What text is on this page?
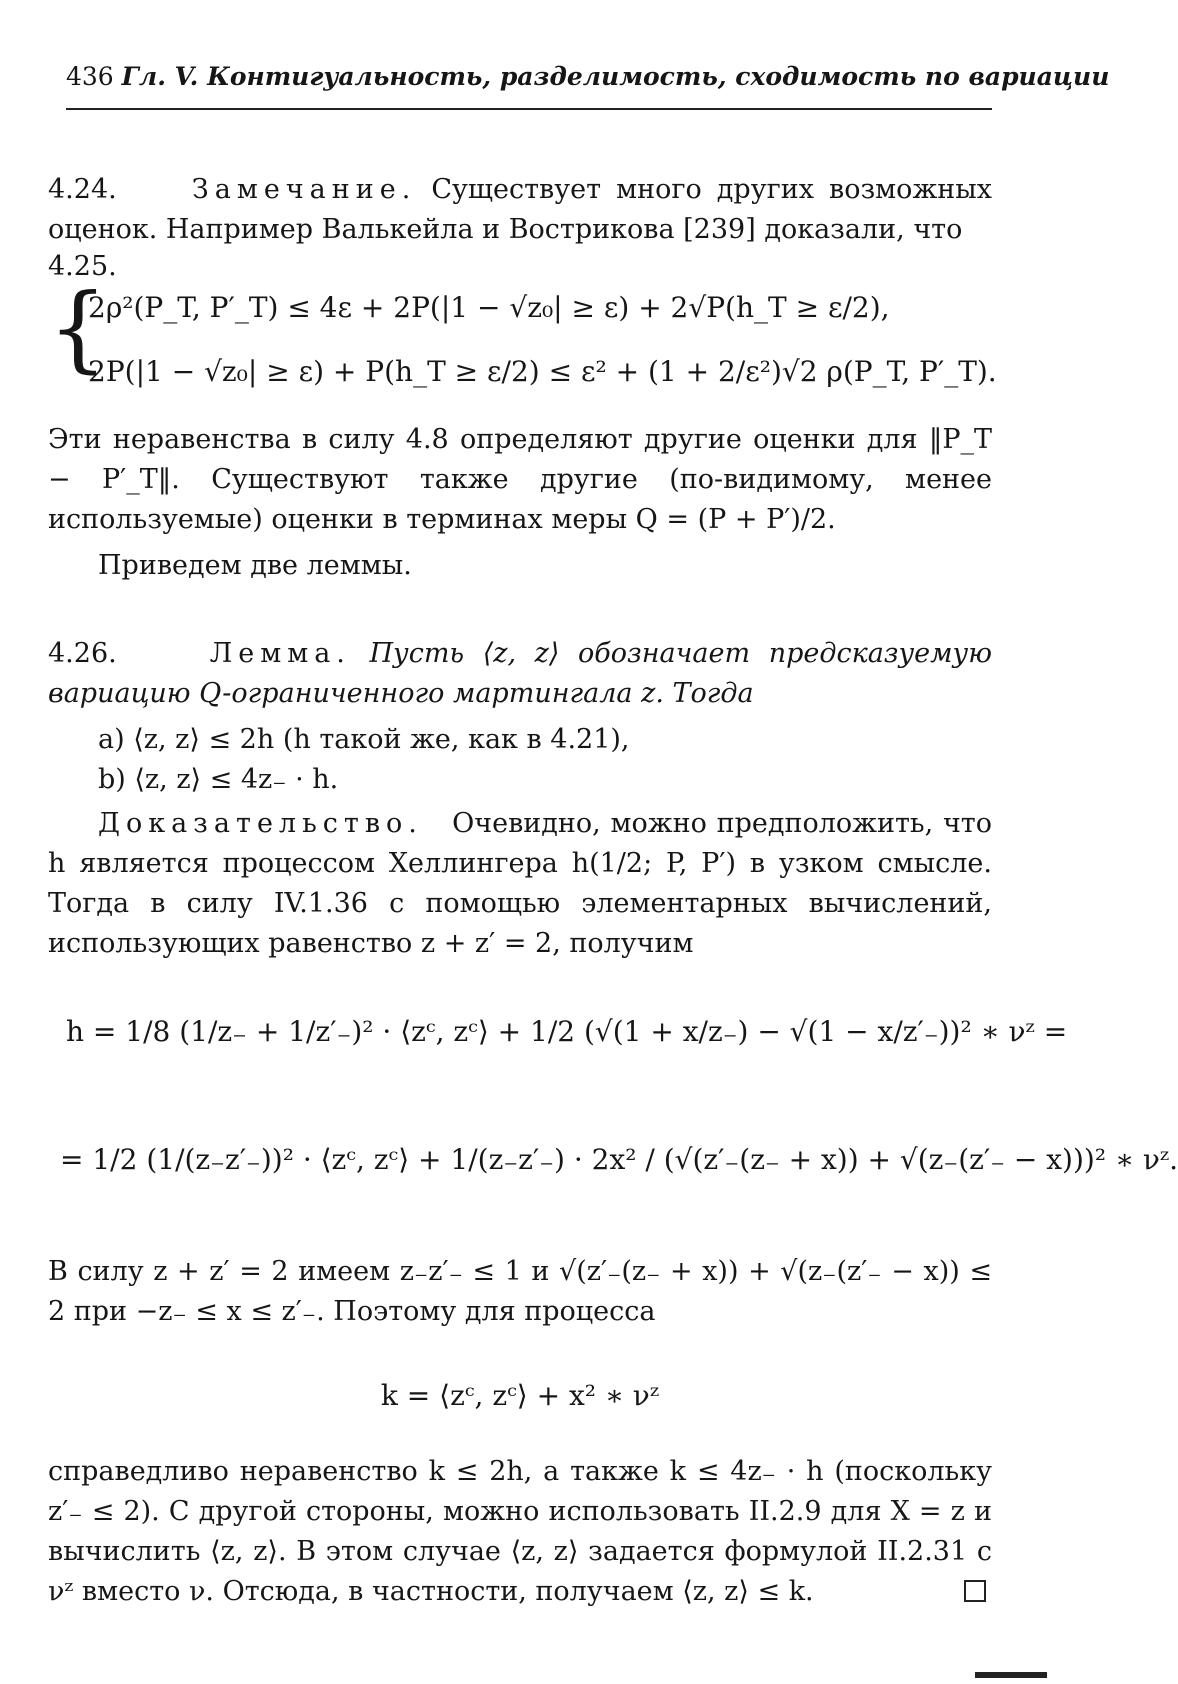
436 Гл. V. Контигуальность, разделимость, сходимость по вариации
4.24.	Замечание. Существует много других возможных оценок. Например Валькейла и Вострикова [239] доказали, что
4.25.
{
2ρ²(P_T, P′_T) ≤ 4ε + 2P(|1 − √z₀| ≥ ε) + 2√P(h_T ≥ ε/2),
2P(|1 − √z₀| ≥ ε) + P(h_T ≥ ε/2) ≤ ε² + (1 + 2/ε²)√2 ρ(P_T, P′_T).
Эти неравенства в силу 4.8 определяют другие оценки для ‖P_T − P′_T‖. Существуют также другие (по-видимому, менее используемые) оценки в терминах меры Q = (P + P′)/2.
Приведем две леммы.
4.26.	Лемма. Пусть ⟨z, z⟩ обозначает предсказуемую вариацию Q-ограниченного мартингала z. Тогда
a) ⟨z, z⟩ ≤ 2h (h такой же, как в 4.21),
b) ⟨z, z⟩ ≤ 4z₋ · h.
Доказательство. Очевидно, можно предположить, что h является процессом Хеллингера h(1/2; P, P′) в узком смысле. Тогда в силу IV.1.36 с помощью элементарных вычислений, использующих равенство z + z′ = 2, получим
h = 1/8 (1/z₋ + 1/z′₋)² · ⟨zᶜ, zᶜ⟩ + 1/2 (√(1 + x/z₋) − √(1 − x/z′₋))² ∗ νᶻ =
= 1/2 (1/(z₋z′₋))² · ⟨zᶜ, zᶜ⟩ + 1/(z₋z′₋) · 2x² / (√(z′₋(z₋ + x)) + √(z₋(z′₋ − x)))² ∗ νᶻ.
В силу z + z′ = 2 имеем z₋z′₋ ≤ 1 и √(z′₋(z₋ + x)) + √(z₋(z′₋ − x)) ≤ 2 при −z₋ ≤ x ≤ z′₋. Поэтому для процесса
k = ⟨zᶜ, zᶜ⟩ + x² ∗ νᶻ
справедливо неравенство k ≤ 2h, а также k ≤ 4z₋ · h (поскольку z′₋ ≤ 2). С другой стороны, можно использовать II.2.9 для X = z и вычислить ⟨z, z⟩. В этом случае ⟨z, z⟩ задается формулой II.2.31 с νᶻ вместо ν. Отсюда, в частности, получаем ⟨z, z⟩ ≤ k.
